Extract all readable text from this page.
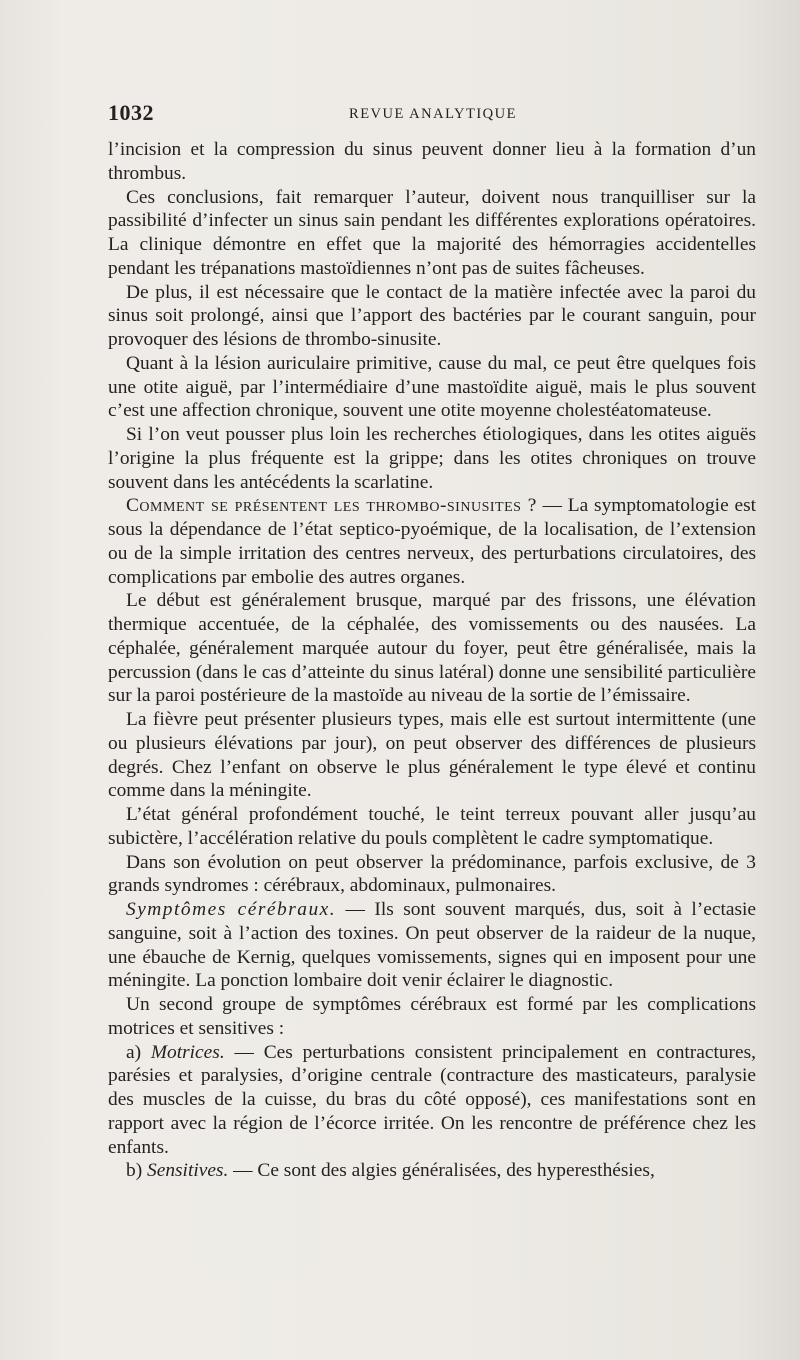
1032	REVUE ANALYTIQUE

l’incision et la compression du sinus peuvent donner lieu à la formation d’un thrombus.

Ces conclusions, fait remarquer l’auteur, doivent nous tranquilliser sur la passibilité d’infecter un sinus sain pendant les différentes explorations opératoires. La clinique démontre en effet que la majorité des hémorragies accidentelles pendant les trépanations mastoïdiennes n’ont pas de suites fâcheuses.

De plus, il est nécessaire que le contact de la matière infectée avec la paroi du sinus soit prolongé, ainsi que l’apport des bactéries par le courant sanguin, pour provoquer des lésions de thrombo-sinusite.

Quant à la lésion auriculaire primitive, cause du mal, ce peut être quelques fois une otite aiguë, par l’intermédiaire d’une mastoïdite aiguë, mais le plus souvent c’est une affection chronique, souvent une otite moyenne cholestéatomateuse.

Si l’on veut pousser plus loin les recherches étiologiques, dans les otites aiguës l’origine la plus fréquente est la grippe; dans les otites chroniques on trouve souvent dans les antécédents la scarlatine.

Comment se présentent les thrombo-sinusites ? — La symptomatologie est sous la dépendance de l’état septico-pyoémique, de la localisation, de l’extension ou de la simple irritation des centres nerveux, des perturbations circulatoires, des complications par embolie des autres organes.

Le début est généralement brusque, marqué par des frissons, une élévation thermique accentuée, de la céphalée, des vomissements ou des nausées. La céphalée, généralement marquée autour du foyer, peut être généralisée, mais la percussion (dans le cas d’atteinte du sinus latéral) donne une sensibilité particulière sur la paroi postérieure de la mastoïde au niveau de la sortie de l’émissaire.

La fièvre peut présenter plusieurs types, mais elle est surtout intermittente (une ou plusieurs élévations par jour), on peut observer des différences de plusieurs degrés. Chez l’enfant on observe le plus généralement le type élevé et continu comme dans la méningite.

L’état général profondément touché, le teint terreux pouvant aller jusqu’au subictère, l’accélération relative du pouls complètent le cadre symptomatique.

Dans son évolution on peut observer la prédominance, parfois exclusive, de 3 grands syndromes : cérébraux, abdominaux, pulmonaires.

Symptômes cérébraux. — Ils sont souvent marqués, dus, soit à l’ectasie sanguine, soit à l’action des toxines. On peut observer de la raideur de la nuque, une ébauche de Kernig, quelques vomissements, signes qui en imposent pour une méningite. La ponction lombaire doit venir éclairer le diagnostic.

Un second groupe de symptômes cérébraux est formé par les complications motrices et sensitives :

a) Motrices. — Ces perturbations consistent principalement en contractures, parésies et paralysies, d’origine centrale (contracture des masticateurs, paralysie des muscles de la cuisse, du bras du côté opposé), ces manifestations sont en rapport avec la région de l’écorce irritée. On les rencontre de préférence chez les enfants.

b) Sensitives. — Ce sont des algies généralisées, des hyperesthésies,
